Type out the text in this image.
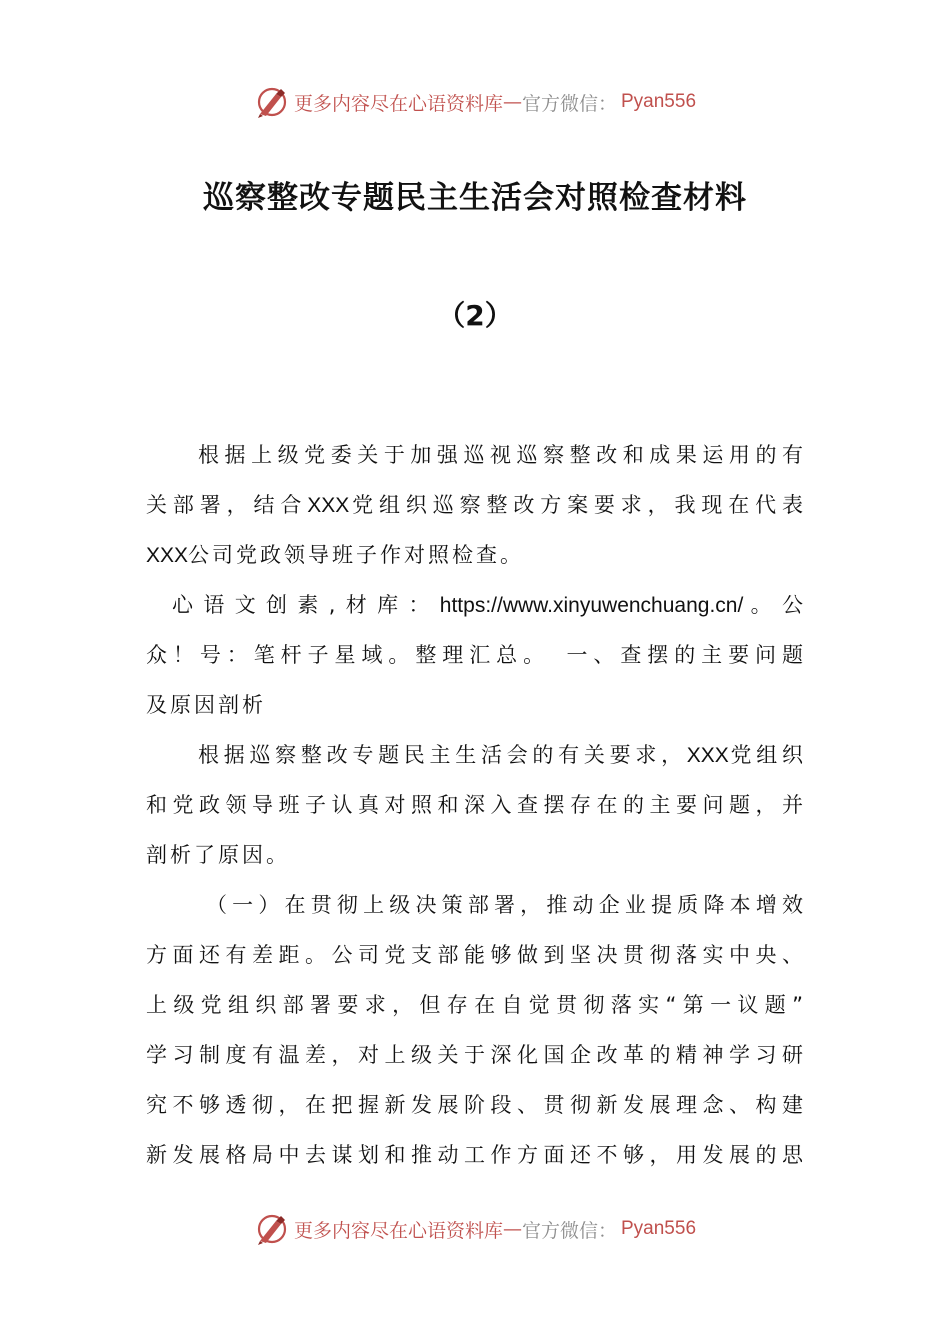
更多内容尽在心语资料库 — 官方微信： Pyan556
巡察整改专题民主生活会对照检查材料
（2）
根据上级党委关于加强巡视巡察整改和成果运用的有
关部署，结合XXX党组织巡察整改方案要求，我现在代表
XXX公司党政领导班子作对照检查。
心语文创素,材库：https://www.xinyuwenchuang.cn/。公
众！号：笔杆子星域。整理汇总。　一、查摆的主要问题
及原因剖析
根据巡察整改专题民主生活会的有关要求，XXX党组织
和党政领导班子认真对照和深入查摆存在的主要问题，并
剖析了原因。
（一）在贯彻上级决策部署，推动企业提质降本增效
方面还有差距。公司党支部能够做到坚决贯彻落实中央、
上级党组织部署要求，但存在自觉贯彻落实“第一议题”
学习制度有温差，对上级关于深化国企改革的精神学习研
究不够透彻，在把握新发展阶段、贯彻新发展理念、构建
新发展格局中去谋划和推动工作方面还不够，用发展的思
更多内容尽在心语资料库 — 官方微信： Pyan556
